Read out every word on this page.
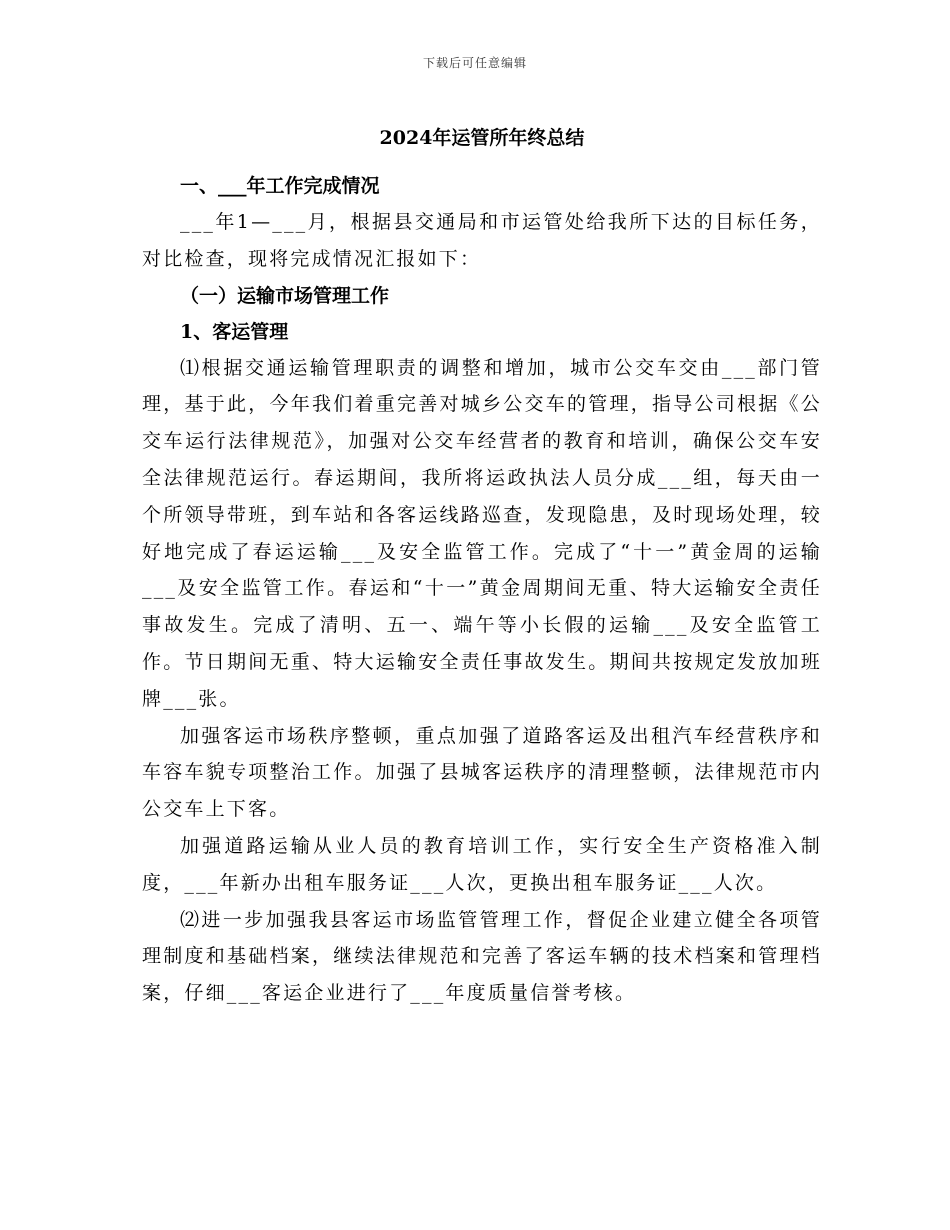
下载后可任意编辑
2024年运管所年终总结
一、___年工作完成情况

___年1—___月，根据县交通局和市运管处给我所下达的目标任务，对比检查，现将完成情况汇报如下：

（一）运输市场管理工作
1、客运管理

⑴根据交通运输管理职责的调整和增加，城市公交车交由___部门管理，基于此，今年我们着重完善对城乡公交车的管理，指导公司根据《公交车运行法律规范》，加强对公交车经营者的教育和培训，确保公交车安全法律规范运行。春运期间，我所将运政执法人员分成___组，每天由一个所领导带班，到车站和各客运线路巡查，发现隐患，及时现场处理，较好地完成了春运运输___及安全监管工作。完成了“十一”黄金周的运输___及安全监管工作。春运和“十一”黄金周期间无重、特大运输安全责任事故发生。完成了清明、五一、端午等小长假的运输___及安全监管工作。节日期间无重、特大运输安全责任事故发生。期间共按规定发放加班牌___张。

加强客运市场秩序整顿，重点加强了道路客运及出租汽车经营秩序和车容车貌专项整治工作。加强了县城客运秩序的清理整顿，法律规范市内公交车上下客。

加强道路运输从业人员的教育培训工作，实行安全生产资格准入制度，___年新办出租车服务证___人次，更换出租车服务证___人次。

⑵进一步加强我县客运市场监管管理工作，督促企业建立健全各项管理制度和基础档案，继续法律规范和完善了客运车辆的技术档案和管理档案，仔细___客运企业进行了___年度质量信誉考核。
